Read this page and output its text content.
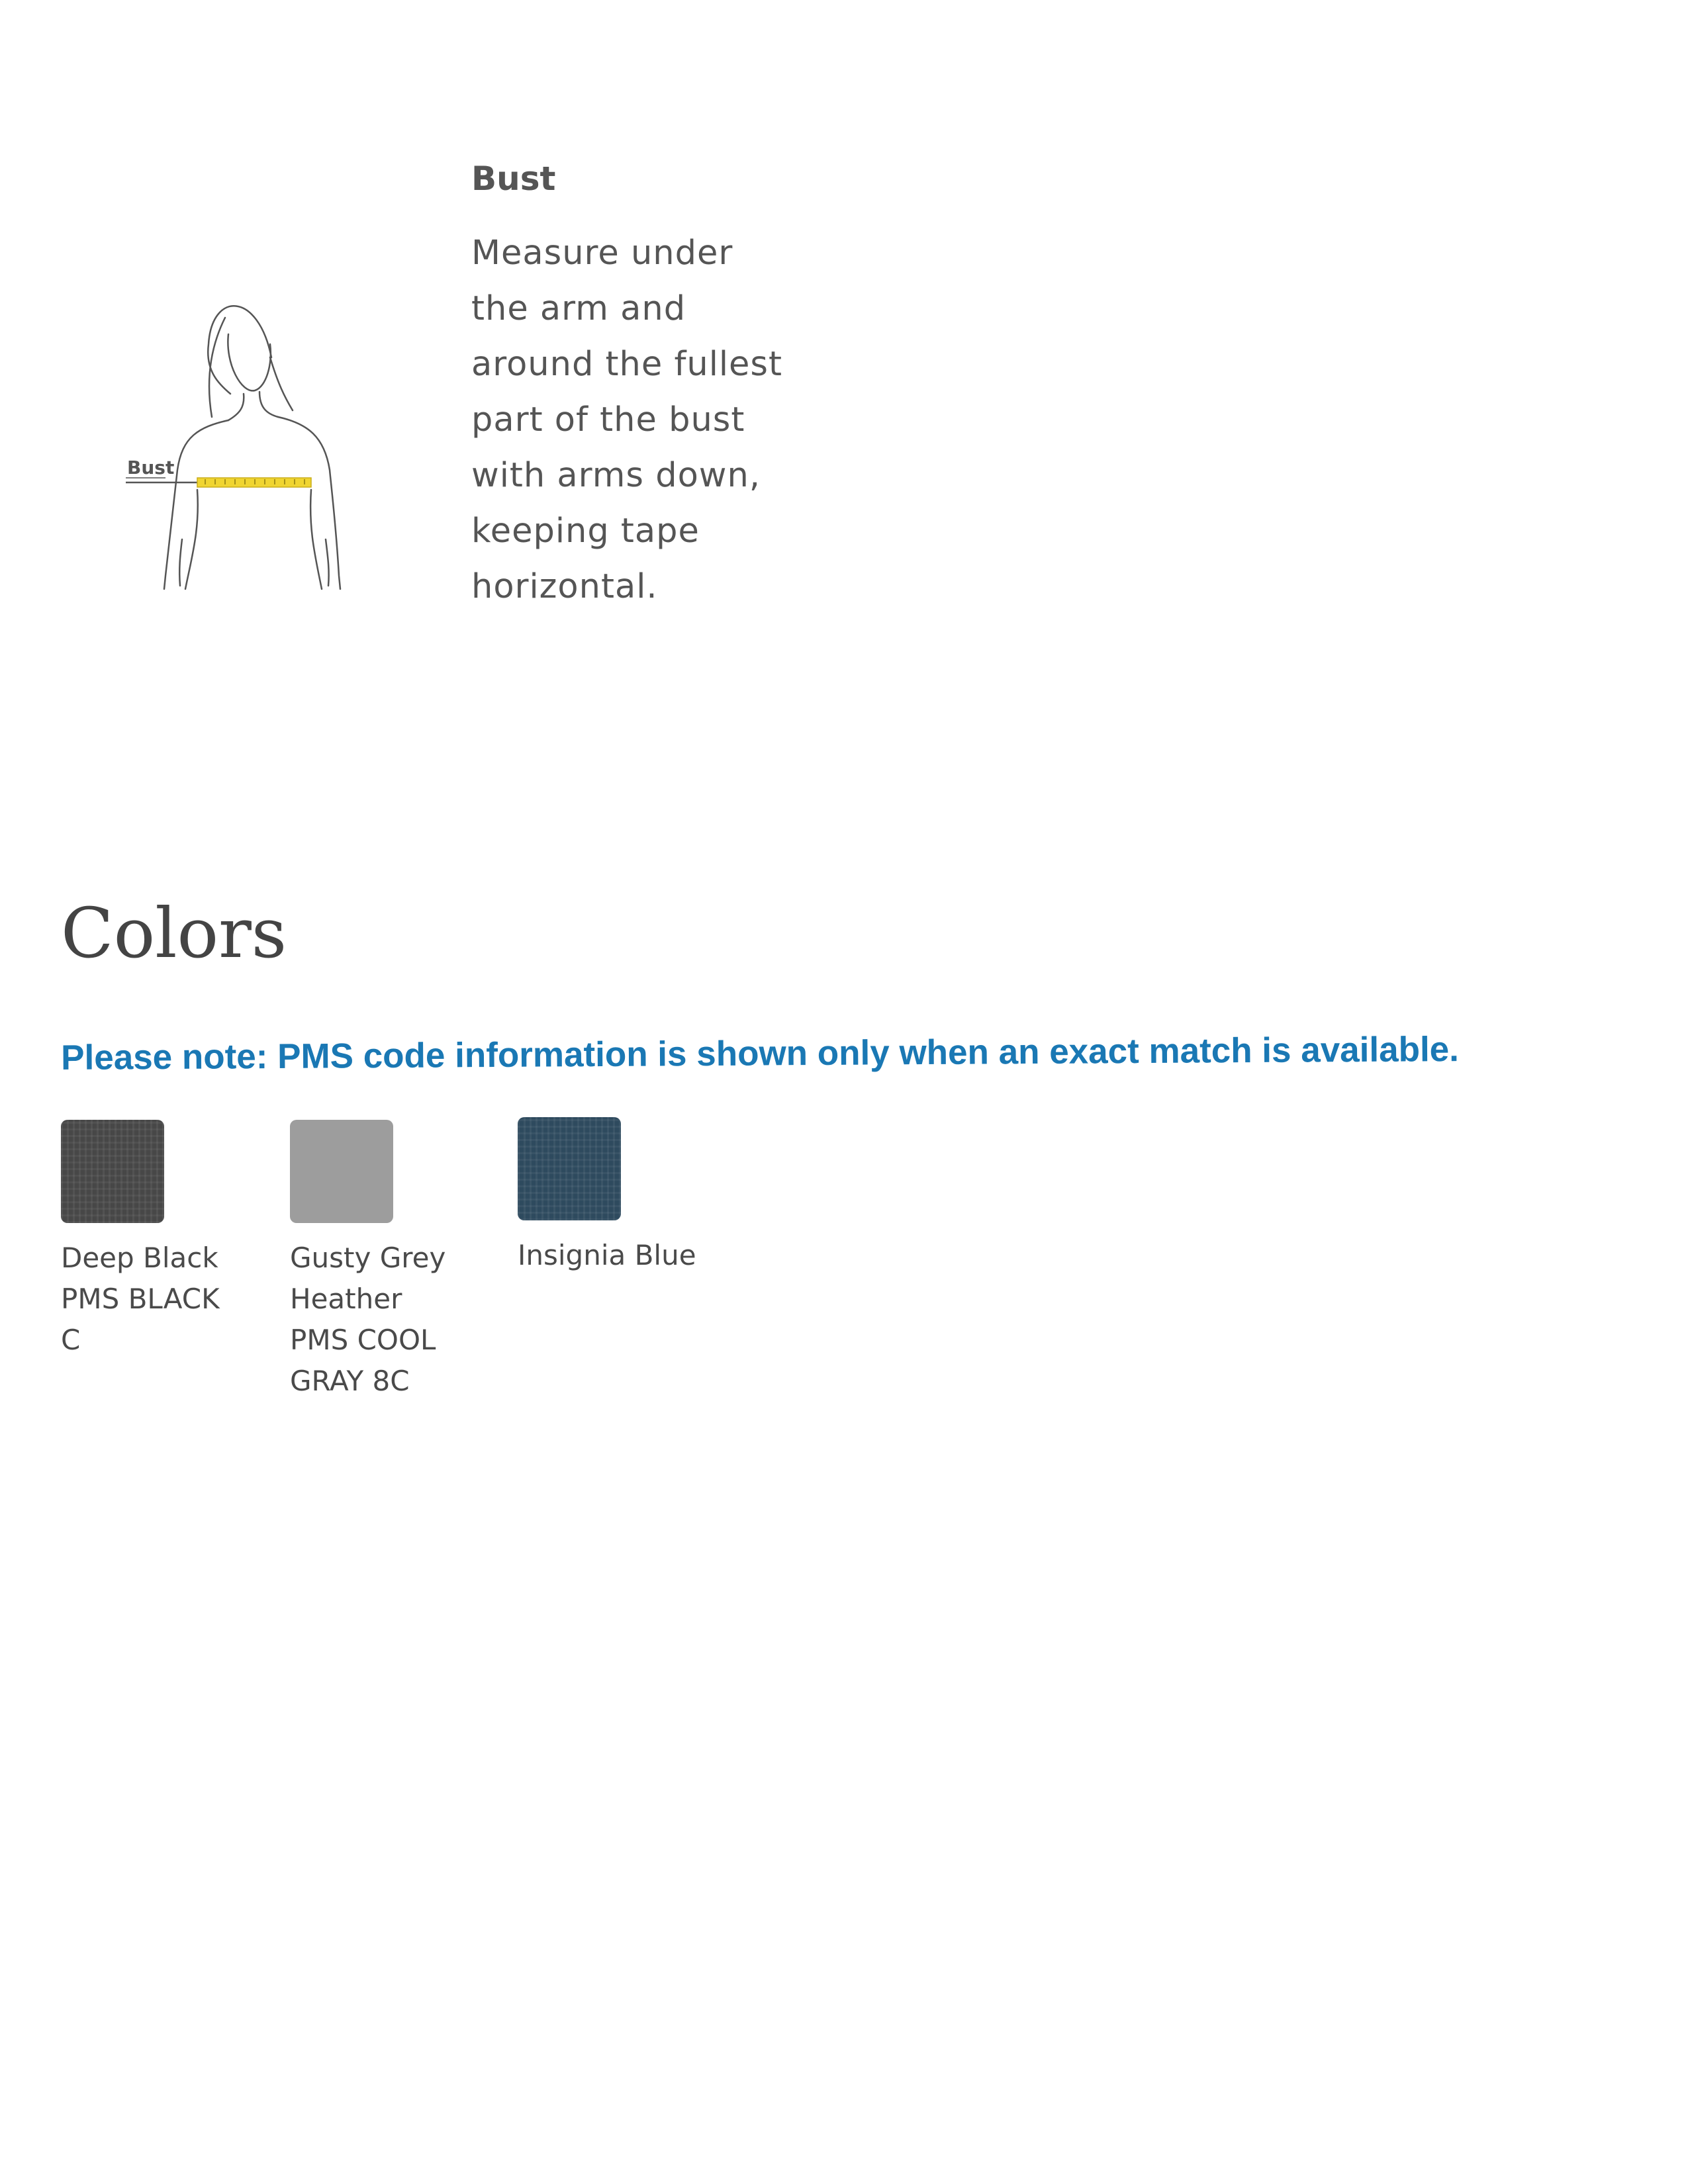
Bust
Bust
Measure under the arm and around the fullest part of the bust with arms down, keeping tape horizontal.
Colors
Please note: PMS code information is shown only when an exact match is available.
Deep Black PMS BLACK C
Gusty Grey Heather PMS COOL GRAY 8C
Insignia Blue
